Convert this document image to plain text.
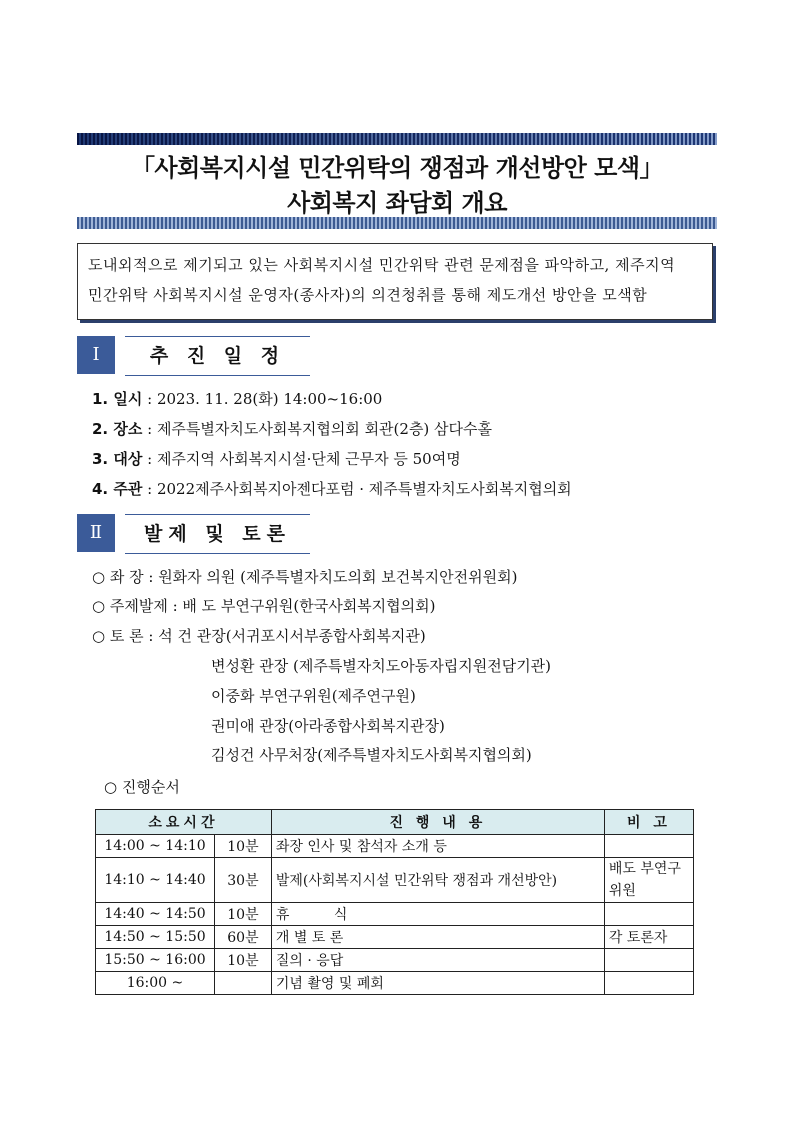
「사회복지시설 민간위탁의 쟁점과 개선방안 모색」
사회복지 좌담회 개요
도내외적으로 제기되고 있는 사회복지시설 민간위탁 관련 문제점을 파악하고, 제주지역
민간위탁 사회복지시설 운영자(종사자)의 의견청취를 통해 제도개선 방안을 모색함
Ⅰ	추 진 일 정
1. 일시 : 2023. 11. 28(화) 14:00~16:00
2. 장소 : 제주특별자치도사회복지협의회 회관(2층) 삼다수홀
3. 대상 : 제주지역 사회복지시설·단체 근무자 등 50여명
4. 주관 : 2022제주사회복지아젠다포럼 · 제주특별자치도사회복지협의회
Ⅱ	발제 및 토론
○ 좌 장 : 원화자 의원 (제주특별자치도의회 보건복지안전위원회)
○ 주제발제 : 배 도 부연구위원(한국사회복지협의회)
○ 토 론 : 석 건 관장(서귀포시서부종합사회복지관)
변성환 관장 (제주특별자치도아동자립지원전담기관)
이중화 부연구위원(제주연구원)
권미애 관장(아라종합사회복지관장)
김성건 사무처장(제주특별자치도사회복지협의회)
○ 진행순서
소요시간		진 행 내 용	비 고
14:00 ~ 14:10	10분	좌장 인사 및 참석자 소개 등	
14:10 ~ 14:40	30분	발제(사회복지시설 민간위탁 쟁점과 개선방안)	배도 부연구위원
14:40 ~ 14:50	10분	휴          식	
14:50 ~ 15:50	60분	개 별 토 론	각 토론자
15:50 ~ 16:00	10분	질의 · 응답	
16:00 ~		기념 촬영 및 폐회	
